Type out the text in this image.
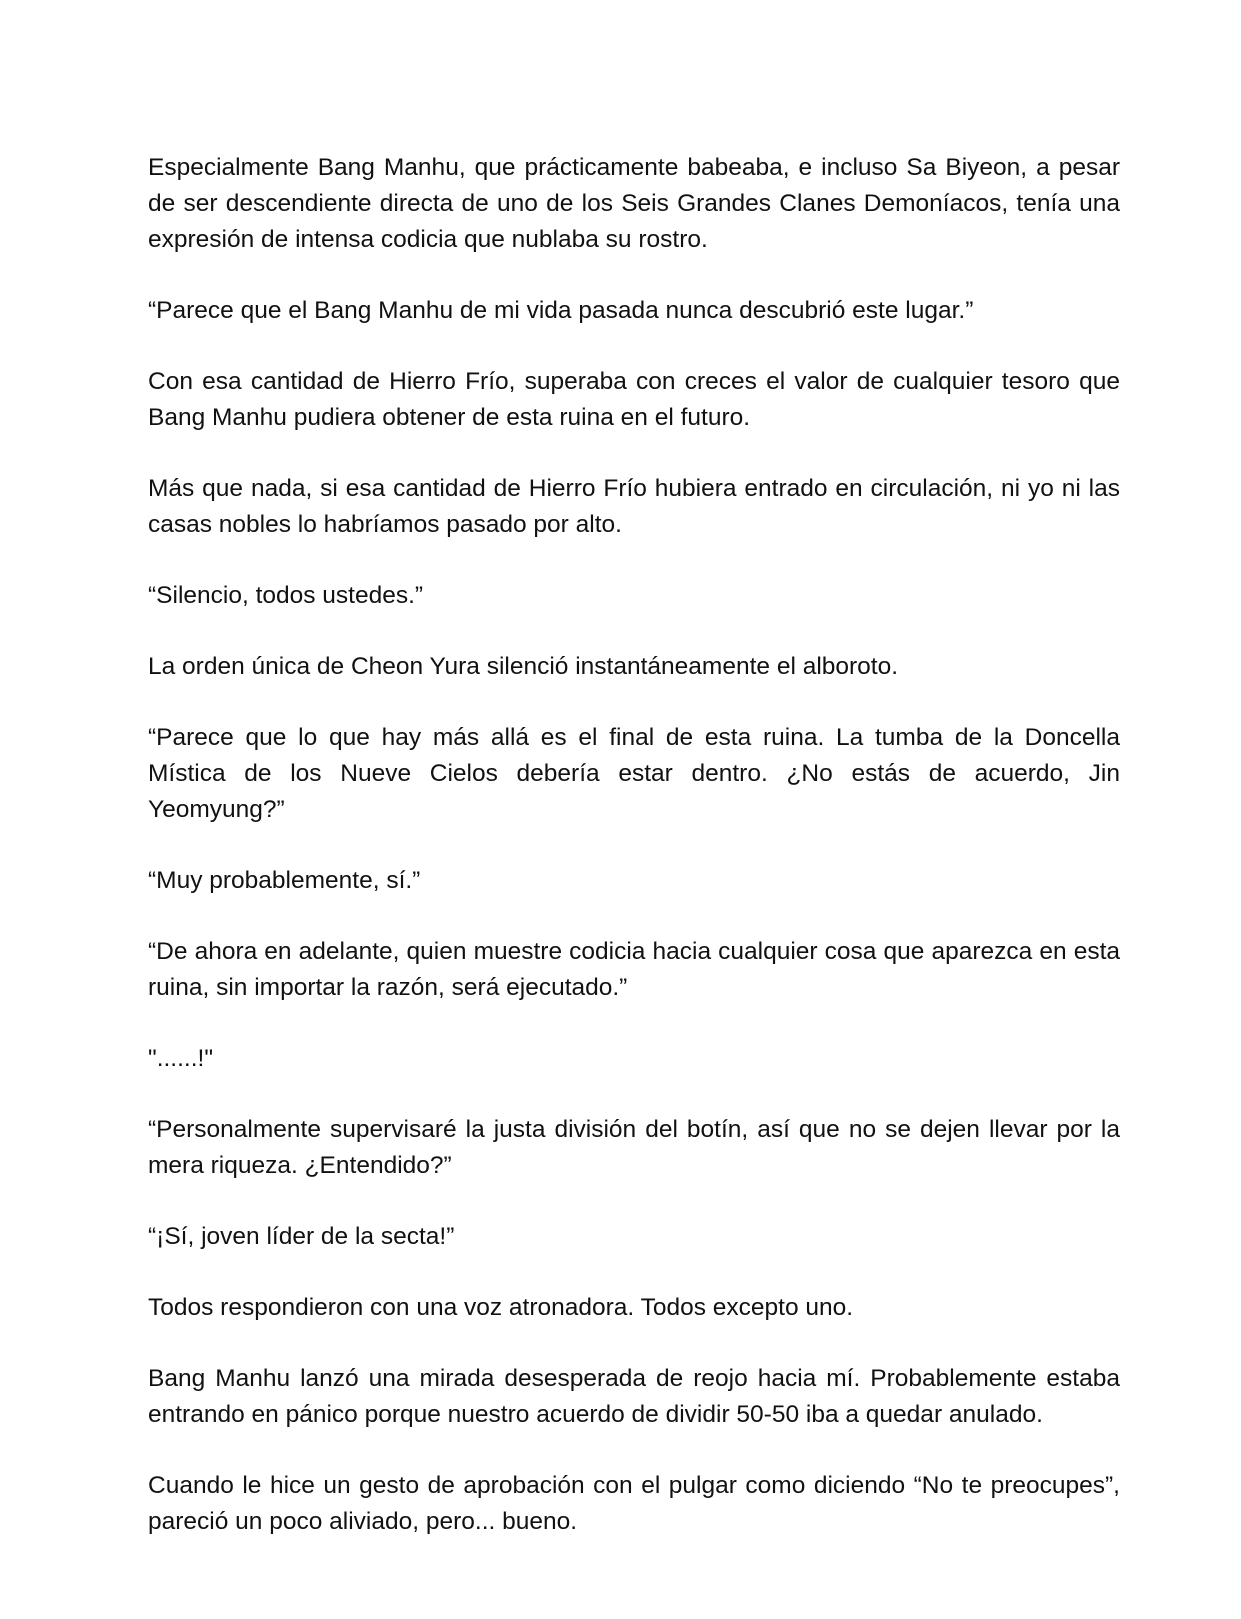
Especialmente Bang Manhu, que prácticamente babeaba, e incluso Sa Biyeon, a pesar de ser descendiente directa de uno de los Seis Grandes Clanes Demoníacos, tenía una expresión de intensa codicia que nublaba su rostro.

“Parece que el Bang Manhu de mi vida pasada nunca descubrió este lugar.”

Con esa cantidad de Hierro Frío, superaba con creces el valor de cualquier tesoro que Bang Manhu pudiera obtener de esta ruina en el futuro.

Más que nada, si esa cantidad de Hierro Frío hubiera entrado en circulación, ni yo ni las casas nobles lo habríamos pasado por alto.

“Silencio, todos ustedes.”

La orden única de Cheon Yura silenció instantáneamente el alboroto.

“Parece que lo que hay más allá es el final de esta ruina. La tumba de la Doncella Mística de los Nueve Cielos debería estar dentro. ¿No estás de acuerdo, Jin Yeomyung?”

“Muy probablemente, sí.”

“De ahora en adelante, quien muestre codicia hacia cualquier cosa que aparezca en esta ruina, sin importar la razón, será ejecutado.”

"......!"

“Personalmente supervisaré la justa división del botín, así que no se dejen llevar por la mera riqueza. ¿Entendido?”

“¡Sí, joven líder de la secta!”

Todos respondieron con una voz atronadora. Todos excepto uno.

Bang Manhu lanzó una mirada desesperada de reojo hacia mí. Probablemente estaba entrando en pánico porque nuestro acuerdo de dividir 50-50 iba a quedar anulado.

Cuando le hice un gesto de aprobación con el pulgar como diciendo “No te preocupes”, pareció un poco aliviado, pero... bueno.
